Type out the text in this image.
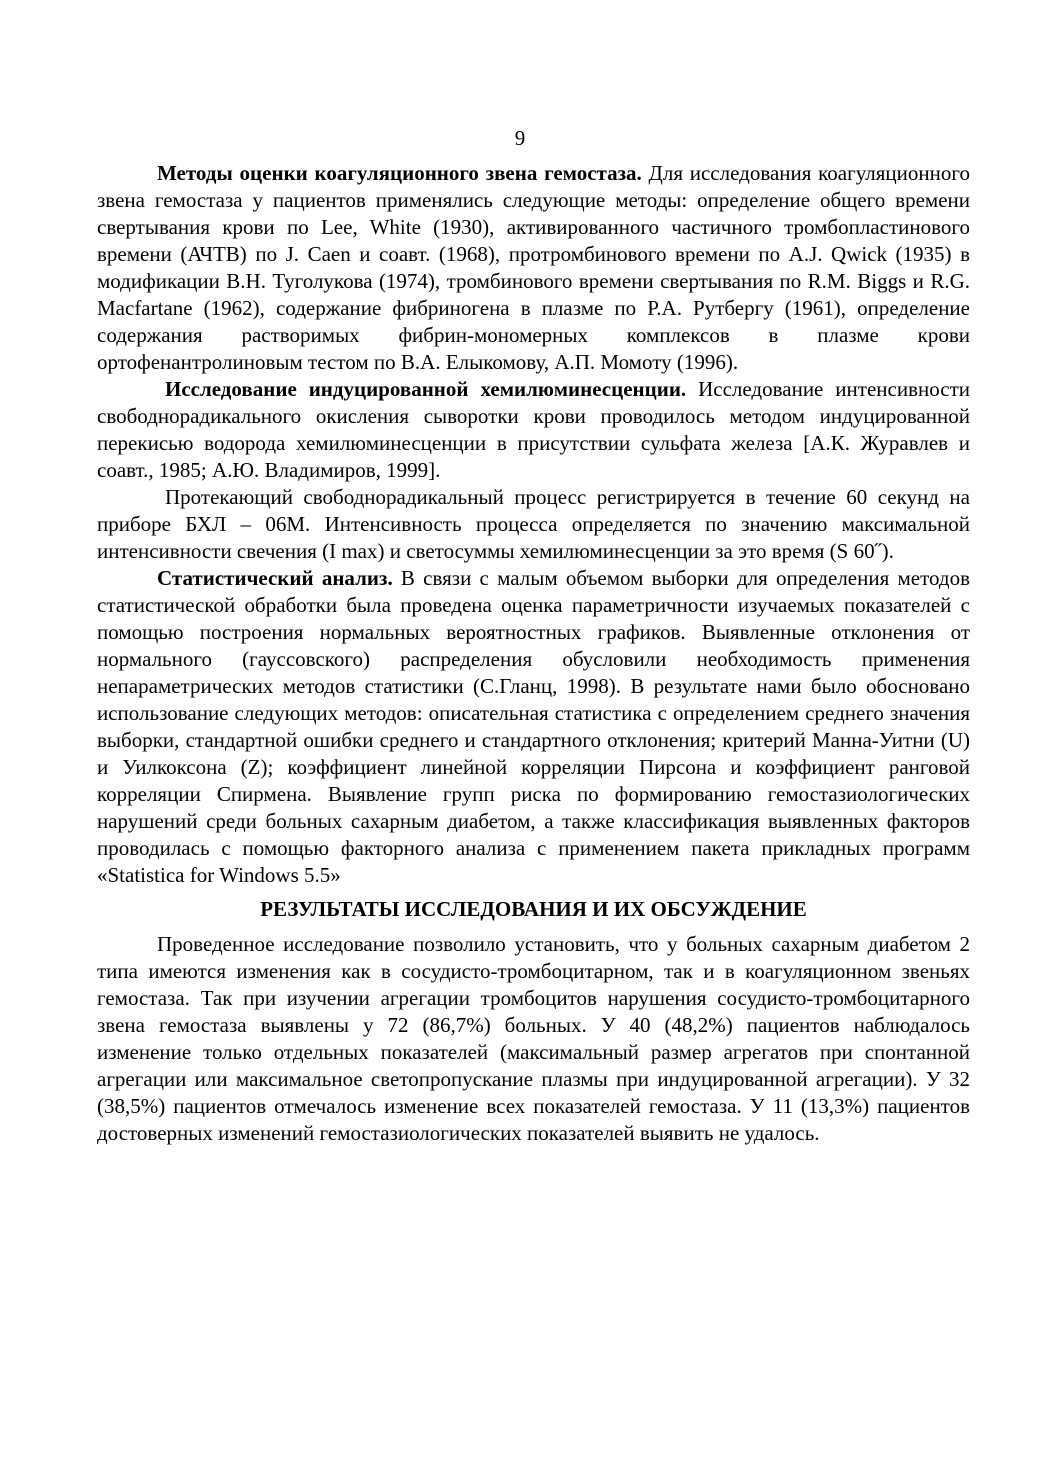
9

Методы оценки коагуляционного звена гемостаза. Для исследования коагуляционного звена гемостаза у пациентов применялись следующие методы: определение общего времени свертывания крови по Lee, White (1930), активированного частичного тромбопластинового времени (АЧТВ) по J. Caen и соавт. (1968), протромбинового времени по A.J. Qwick (1935) в модификации В.Н. Туголукова (1974), тромбинового времени свертывания по R.M. Biggs и R.G. Macfartane (1962), содержание фибриногена в плазме по Р.А. Рутбергу (1961), определение содержания растворимых фибрин-мономерных комплексов в плазме крови ортофенантролиновым тестом по В.А. Елыкомову, А.П. Момоту (1996).

Исследование индуцированной хемилюминесценции. Исследование интенсивности свободнорадикального окисления сыворотки крови проводилось методом индуцированной перекисью водорода хемилюминесценции в присутствии сульфата железа [А.К. Журавлев и соавт., 1985; А.Ю. Владимиров, 1999].

Протекающий свободнорадикальный процесс регистрируется в течение 60 секунд на приборе БХЛ – 06М. Интенсивность процесса определяется по значению максимальной интенсивности свечения (I max) и светосуммы хемилюминесценции за это время (S 60˝).

Статистический анализ. В связи с малым объемом выборки для определения методов статистической обработки была проведена оценка параметричности изучаемых показателей с помощью построения нормальных вероятностных графиков. Выявленные отклонения от нормального (гауссовского) распределения обусловили необходимость применения непараметрических методов статистики (С.Гланц, 1998). В результате нами было обосновано использование следующих методов: описательная статистика с определением среднего значения выборки, стандартной ошибки среднего и стандартного отклонения; критерий Манна-Уитни (U) и Уилкоксона (Z); коэффициент линейной корреляции Пирсона и коэффициент ранговой корреляции Спирмена. Выявление групп риска по формированию гемостазиологических нарушений среди больных сахарным диабетом, а также классификация выявленных факторов проводилась с помощью факторного анализа с применением пакета прикладных программ «Statistica for Windows 5.5»

РЕЗУЛЬТАТЫ ИССЛЕДОВАНИЯ И ИХ ОБСУЖДЕНИЕ

Проведенное исследование позволило установить, что у больных сахарным диабетом 2 типа имеются изменения как в сосудисто-тромбоцитарном, так и в коагуляционном звеньях гемостаза. Так при изучении агрегации тромбоцитов нарушения сосудисто-тромбоцитарного звена гемостаза выявлены у 72 (86,7%) больных. У 40 (48,2%) пациентов наблюдалось изменение только отдельных показателей (максимальный размер агрегатов при спонтанной агрегации или максимальное светопропускание плазмы при индуцированной агрегации). У 32 (38,5%) пациентов отмечалось изменение всех показателей гемостаза. У 11 (13,3%) пациентов достоверных изменений гемостазиологических показателей выявить не удалось.
